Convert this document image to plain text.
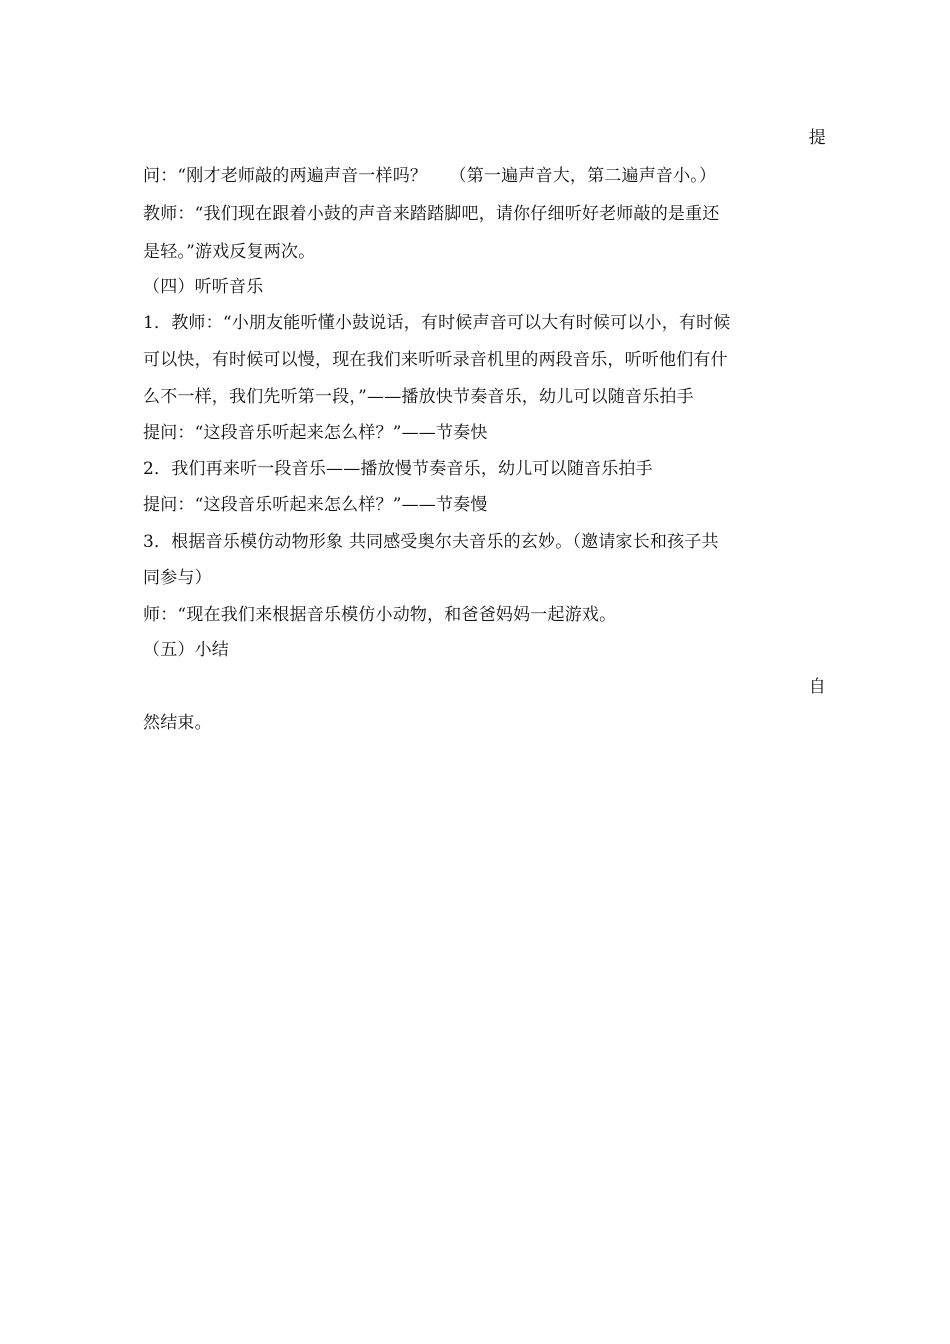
提
问：“刚才老师敲的两遍声音一样吗？    （第一遍声音大，第二遍声音小。）
教师：“我们现在跟着小鼓的声音来踏踏脚吧，请你仔细听好老师敲的是重还
是轻。”游戏反复两次。
（四）听听音乐
1．教师：“小朋友能听懂小鼓说话，有时候声音可以大有时候可以小，有时候
可以快，有时候可以慢，现在我们来听听录音机里的两段音乐，听听他们有什
么不一样，我们先听第一段，”——播放快节奏音乐，幼儿可以随音乐拍手
提问：“这段音乐听起来怎么样？”——节奏快
2．我们再来听一段音乐——播放慢节奏音乐，幼儿可以随音乐拍手
提问：“这段音乐听起来怎么样？”——节奏慢
3．根据音乐模仿动物形象 共同感受奥尔夫音乐的玄妙。（邀请家长和孩子共
同参与）
师：“现在我们来根据音乐模仿小动物，和爸爸妈妈一起游戏。
（五）小结
自
然结束。
